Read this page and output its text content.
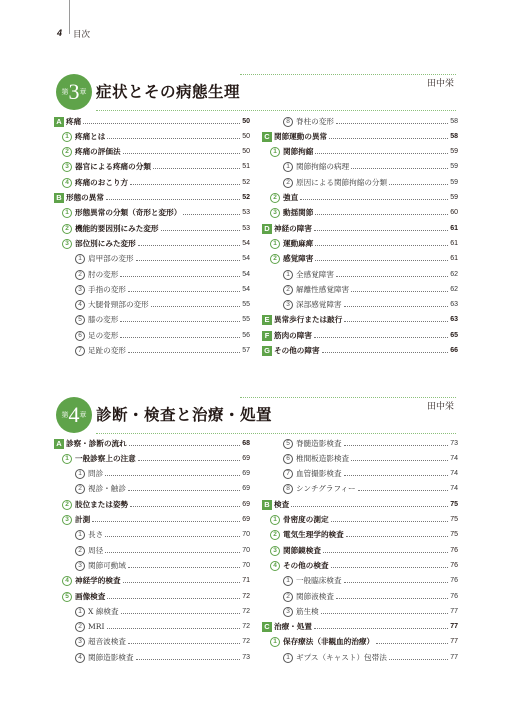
4 目次
第 3 章 症状とその病態生理	田中栄
A 疼痛	50
1 疼痛とは	50
2 疼痛の評価法	50
3 器官による疼痛の分類	51
4 疼痛のおこり方	52
B 形態の異常	52
1 形態異常の分類（奇形と変形）	53
2 機能的要因別にみた変形	53
3 部位別にみた変形	54
1 肩甲部の変形	54
2 肘の変形	54
3 手指の変形	54
4 大腿骨頸部の変形	55
5 膝の変形	55
6 足の変形	56
7 足趾の変形	57
8 脊柱の変形	58
C 関節運動の異常	58
1 関節拘縮	59
1 関節拘縮の病理	59
2 原因による関節拘縮の分類	59
2 強直	59
3 動揺関節	60
D 神経の障害	61
1 運動麻痺	61
2 感覚障害	61
1 全感覚障害	62
2 解離性感覚障害	62
3 深部感覚障害	63
E 異常歩行または跛行	63
F 筋肉の障害	65
G その他の障害	66
第 4 章 診断・検査と治療・処置	田中栄
A 診察・診断の流れ	68
1 一般診察上の注意	69
1 問診	69
2 視診・触診	69
2 肢位または姿勢	69
3 計測	69
1 長さ	70
2 周径	70
3 関節可動域	70
4 神経学的検査	71
5 画像検査	72
1 X 線検査	72
2 MRI	72
3 超音波検査	72
4 関節造影検査	73
5 脊髄造影検査	73
6 椎間板造影検査	74
7 血管撮影検査	74
8 シンチグラフィー	74
B 検査	75
1 骨密度の測定	75
2 電気生理学的検査	75
3 関節鏡検査	76
4 その他の検査	76
1 一般臨床検査	76
2 関節液検査	76
3 筋生検	77
C 治療・処置	77
1 保存療法（非観血的治療）	77
1 ギプス（キャスト）包帯法	77
